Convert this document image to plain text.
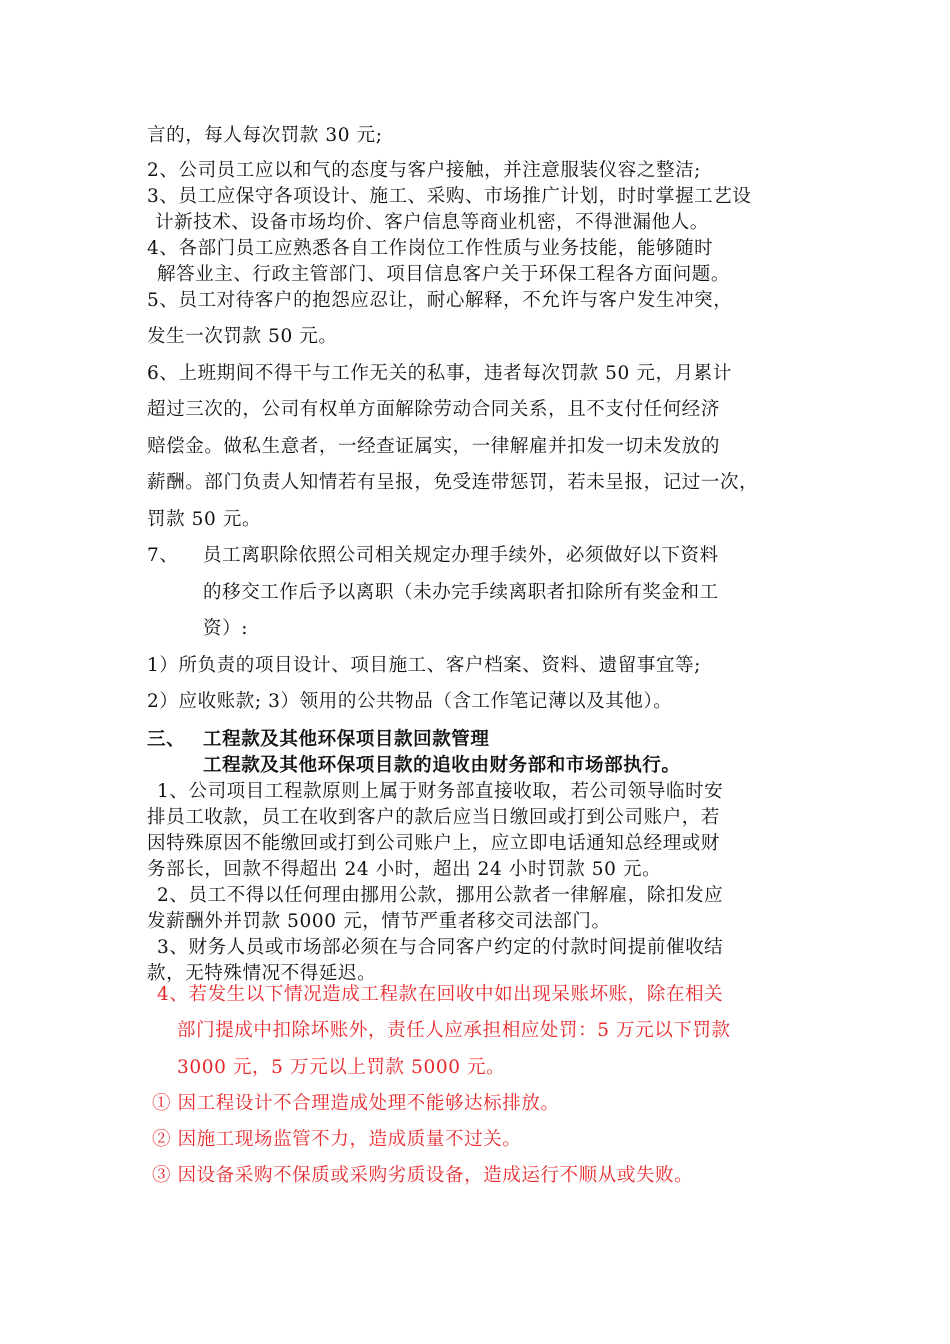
言的，每人每次罚款 30 元;
2、公司员工应以和气的态度与客户接触，并注意服装仪容之整洁;
3、员工应保守各项设计、施工、采购、市场推广计划，时时掌握工艺设
计新技术、设备市场均价、客户信息等商业机密，不得泄漏他人。
4、各部门员工应熟悉各自工作岗位工作性质与业务技能，能够随时
解答业主、行政主管部门、项目信息客户关于环保工程各方面问题。
5、员工对待客户的抱怨应忍让，耐心解释，不允许与客户发生冲突，
发生一次罚款 50 元。
6、上班期间不得干与工作无关的私事，违者每次罚款 50 元，月累计
超过三次的，公司有权单方面解除劳动合同关系，且不支付任何经济
赔偿金。做私生意者，一经查证属实，一律解雇并扣发一切未发放的
薪酬。部门负责人知情若有呈报，免受连带惩罚，若未呈报，记过一次，
罚款 50 元。
7、 员工离职除依照公司相关规定办理手续外，必须做好以下资料
的移交工作后予以离职（未办完手续离职者扣除所有奖金和工
资）:
1）所负责的项目设计、项目施工、客户档案、资料、遗留事宜等;
2）应收账款; 3）领用的公共物品（含工作笔记薄以及其他）。
三、 工程款及其他环保项目款回款管理
工程款及其他环保项目款的追收由财务部和市场部执行。
1、公司项目工程款原则上属于财务部直接收取，若公司领导临时安
排员工收款，员工在收到客户的款后应当日缴回或打到公司账户，若
因特殊原因不能缴回或打到公司账户上，应立即电话通知总经理或财
务部长，回款不得超出 24 小时，超出 24 小时罚款 50 元。
2、员工不得以任何理由挪用公款，挪用公款者一律解雇，除扣发应
发薪酬外并罚款 5000 元，情节严重者移交司法部门。
3、财务人员或市场部必须在与合同客户约定的付款时间提前催收结
款，无特殊情况不得延迟。
4、若发生以下情况造成工程款在回收中如出现呆账坏账，除在相关
部门提成中扣除坏账外，责任人应承担相应处罚：5 万元以下罚款
3000 元，5 万元以上罚款 5000 元。
① 因工程设计不合理造成处理不能够达标排放。
② 因施工现场监管不力，造成质量不过关。
③ 因设备采购不保质或采购劣质设备，造成运行不顺从或失败。
